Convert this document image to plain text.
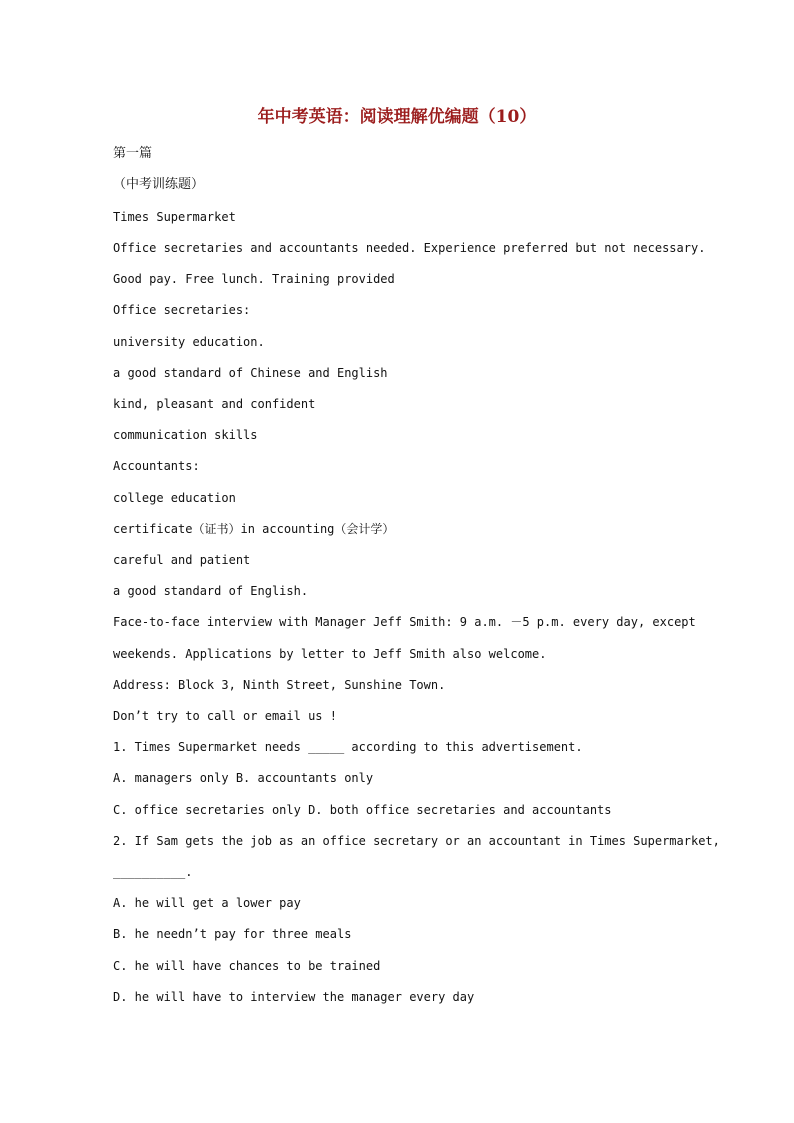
年中考英语：阅读理解优编题（10）
第一篇
（中考训练题）
Times Supermarket
Office secretaries and accountants needed. Experience preferred but not necessary.
Good pay. Free lunch. Training provided
Office secretaries:
university education.
a good standard of Chinese and English
kind, pleasant and confident
communication skills
Accountants:
college education
certificate（证书）in accounting（会计学）
careful and patient
a good standard of English.
Face-to-face interview with Manager Jeff Smith: 9 a.m. －5 p.m. every day, except
weekends. Applications by letter to Jeff Smith also welcome.
Address: Block 3, Ninth Street, Sunshine Town.
Don’t try to call or email us !
1. Times Supermarket needs _____ according to this advertisement.
A. managers only B. accountants only
C. office secretaries only D. both office secretaries and accountants
2. If Sam gets the job as an office secretary or an accountant in Times Supermarket,
__________.
A. he will get a lower pay
B. he needn’t pay for three meals
C. he will have chances to be trained
D. he will have to interview the manager every day
